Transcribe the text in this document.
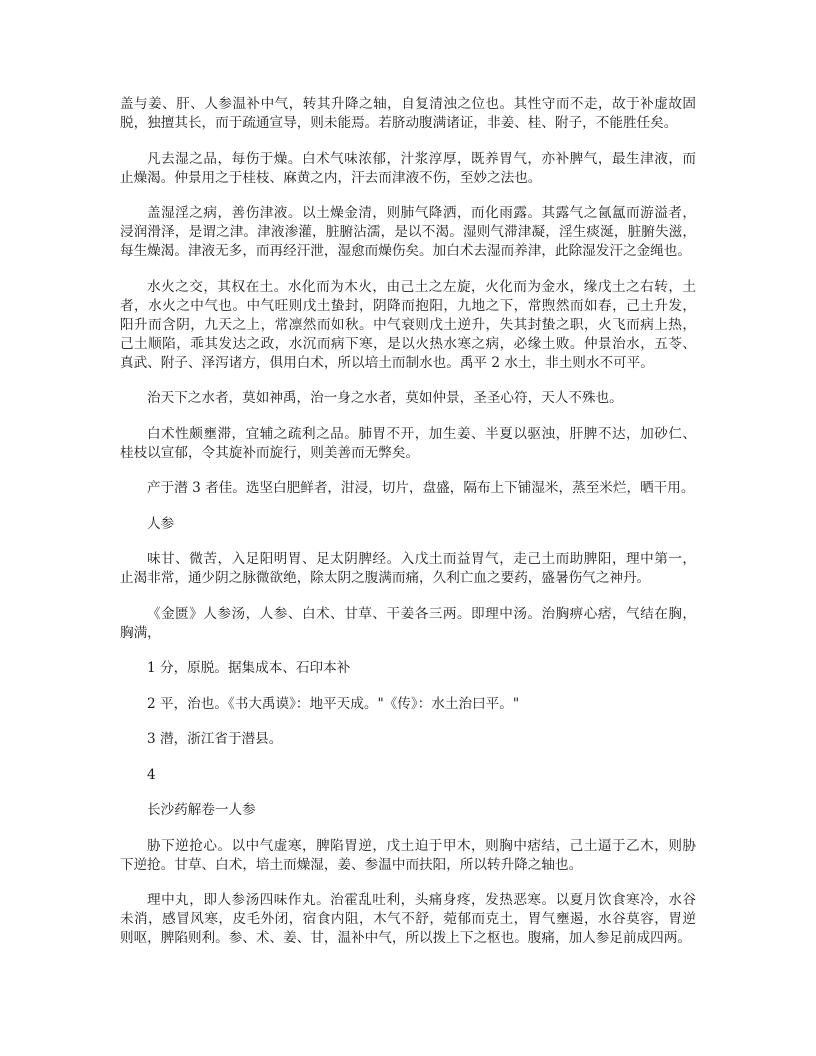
盖与姜、肝、人参温补中气，转其升降之轴，自复清浊之位也。其性守而不走，故于补虚故固
脱，独擅其长，而于疏通宣导，则未能焉。若脐动腹满诸证，非姜、桂、附子，不能胜任矣。
凡去湿之品，每伤于燥。白术气味浓郁，汁浆淳厚，既养胃气，亦补脾气，最生津液，而
止燥渴。仲景用之于桂枝、麻黄之内，汗去而津液不伤，至妙之法也。
盖湿淫之病，善伤津液。以土燥金清，则肺气降洒，而化雨露。其露气之氤氲而游溢者，
浸润滑泽，是谓之津。津液渗灌，脏腑沾濡，是以不渴。湿则气滞津凝，淫生痰涎，脏腑失滋，
每生燥渴。津液无多，而再经汗泄，湿愈而燥伤矣。加白术去湿而养津，此除湿发汗之金绳也。
水火之交，其权在土。水化而为木火，由己土之左旋，火化而为金水，缘戊土之右转，土
者，水火之中气也。中气旺则戊土蛰封，阴降而抱阳，九地之下，常煦然而如春，己土升发，
阳升而含阴，九天之上，常凛然而如秋。中气衰则戊土逆升，失其封蛰之职，火飞而病上热，
己土顺陷，乖其发达之政，水沉而病下寒，是以火热水寒之病，必缘土败。仲景治水，五苓、
真武、附子、泽泻诸方，俱用白术，所以培土而制水也。禹平 2 水土，非土则水不可平。
治天下之水者，莫如神禹，治一身之水者，莫如仲景，圣圣心符，天人不殊也。
白术性颇壅滞，宜辅之疏利之品。肺胃不开，加生姜、半夏以驱浊，肝脾不达，加砂仁、
桂枝以宣郁，令其旋补而旋行，则美善而无弊矣。
产于潜 3 者佳。选坚白肥鲜者，泔浸，切片，盘盛，隔布上下铺湿米，蒸至米烂，晒干用。
人参
味甘、微苦，入足阳明胃、足太阴脾经。入戊土而益胃气，走己土而助脾阳，理中第一，
止渴非常，通少阴之脉微欲绝，除太阴之腹满而痛，久利亡血之要药，盛暑伤气之神丹。
《金匮》人参汤，人参、白术、甘草、干姜各三两。即理中汤。治胸痹心痞，气结在胸，
胸满，
1 分，原脱。据集成本、石印本补
2 平，治也。《书大禹谟》：地平天成。"《传》：水土治曰平。"
3 潜，浙江省于潜县。
4
长沙药解卷一人参
胁下逆抢心。以中气虚寒，脾陷胃逆，戊土迫于甲木，则胸中痞结，己土逼于乙木，则胁
下逆抢。甘草、白术，培土而燥湿，姜、参温中而扶阳，所以转升降之轴也。
理中丸，即人参汤四味作丸。治霍乱吐利，头痛身疼，发热恶寒。以夏月饮食寒冷，水谷
未消，感冒风寒，皮毛外闭，宿食内阻，木气不舒，菀郁而克土，胃气壅遏，水谷莫容，胃逆
则呕，脾陷则利。参、术、姜、甘，温补中气，所以拨上下之枢也。腹痛，加人参足前成四两。
